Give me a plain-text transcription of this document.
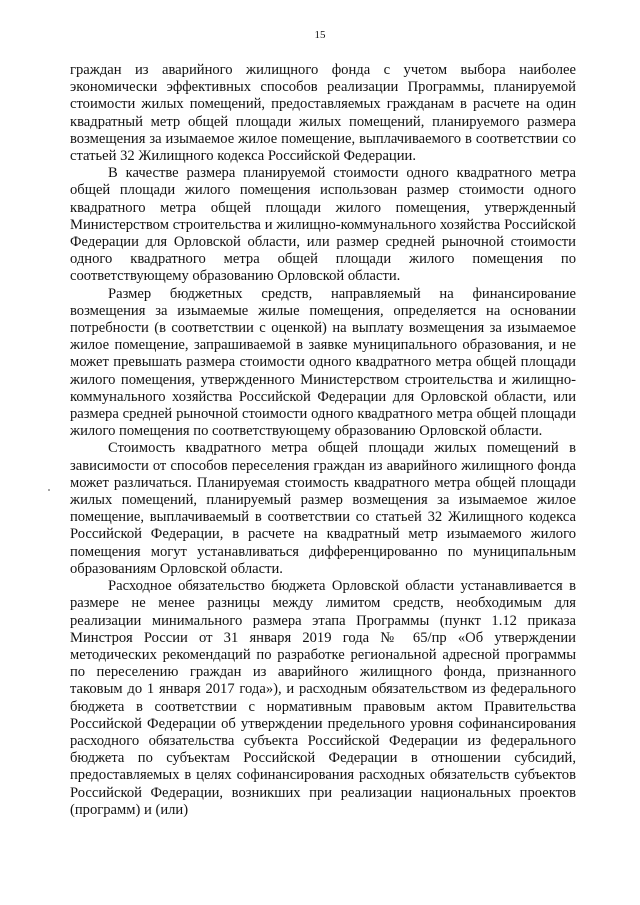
15

граждан из аварийного жилищного фонда с учетом выбора наиболее экономически эффективных способов реализации Программы, планируемой стоимости жилых помещений, предоставляемых гражданам в расчете на один квадратный метр общей площади жилых помещений, планируемого размера возмещения за изымаемое жилое помещение, выплачиваемого в соответствии со статьей 32 Жилищного кодекса Российской Федерации.

В качестве размера планируемой стоимости одного квадратного метра общей площади жилого помещения использован размер стоимости одного квадратного метра общей площади жилого помещения, утвержденный Министерством строительства и жилищно-коммунального хозяйства Российской Федерации для Орловской области, или размер средней рыночной стоимости одного квадратного метра общей площади жилого помещения по соответствующему образованию Орловской области.

Размер бюджетных средств, направляемый на финансирование возмещения за изымаемые жилые помещения, определяется на основании потребности (в соответствии с оценкой) на выплату возмещения за изымаемое жилое помещение, запрашиваемой в заявке муниципального образования, и не может превышать размера стоимости одного квадратного метра общей площади жилого помещения, утвержденного Министерством строительства и жилищно-коммунального хозяйства Российской Федерации для Орловской области, или размера средней рыночной стоимости одного квадратного метра общей площади жилого помещения по соответствующему образованию Орловской области.

Стоимость квадратного метра общей площади жилых помещений в зависимости от способов переселения граждан из аварийного жилищного фонда может различаться. Планируемая стоимость квадратного метра общей площади жилых помещений, планируемый размер возмещения за изымаемое жилое помещение, выплачиваемый в соответствии со статьей 32 Жилищного кодекса Российской Федерации, в расчете на квадратный метр изымаемого жилого помещения могут устанавливаться дифференцированно по муниципальным образованиям Орловской области.

Расходное обязательство бюджета Орловской области устанавливается в размере не менее разницы между лимитом средств, необходимым для реализации минимального размера этапа Программы (пункт 1.12 приказа Минстроя России от 31 января 2019 года № 65/пр «Об утверждении методических рекомендаций по разработке региональной адресной программы по переселению граждан из аварийного жилищного фонда, признанного таковым до 1 января 2017 года»), и расходным обязательством из федерального бюджета в соответствии с нормативным правовым актом Правительства Российской Федерации об утверждении предельного уровня софинансирования расходного обязательства субъекта Российской Федерации из федерального бюджета по субъектам Российской Федерации в отношении субсидий, предоставляемых в целях софинансирования расходных обязательств субъектов Российской Федерации, возникших при реализации национальных проектов (программ) и (или)
